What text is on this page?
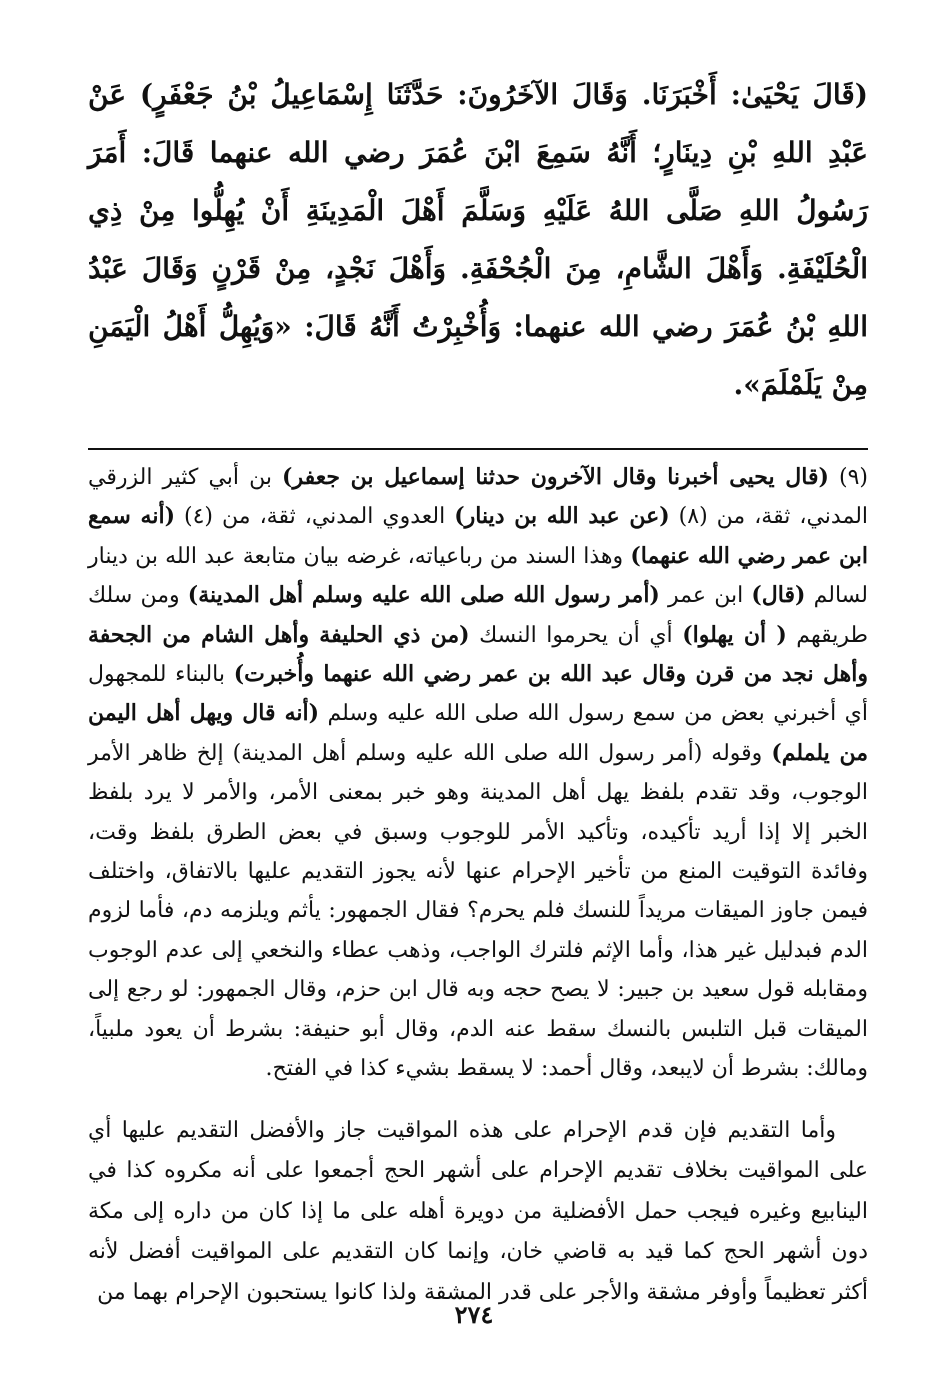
(قَالَ يَحْيَىٰ: أَخْبَرَنَا. وَقَالَ الآخَرُونَ: حَدَّثَنَا إِسْمَاعِيلُ بْنُ جَعْفَرٍ) عَنْ عَبْدِ اللهِ بْنِ دِينَارٍ؛ أَنَّهُ سَمِعَ ابْنَ عُمَرَ رضي الله عنهما قَالَ: أَمَرَ رَسُولُ اللهِ صَلَّى اللهُ عَلَيْهِ وَسَلَّمَ أَهْلَ الْمَدِينَةِ أَنْ يُهِلُّوا مِنْ ذِي الْحُلَيْفَةِ. وَأَهْلَ الشَّامِ، مِنَ الْجُحْفَةِ. وَأَهْلَ نَجْدٍ، مِنْ قَرْنٍ وَقَالَ عَبْدُ اللهِ بْنُ عُمَرَ رضي الله عنهما: وَأُخْبِرْتُ أَنَّهُ قَالَ: «وَيُهِلُّ أَهْلُ الْيَمَنِ مِنْ يَلَمْلَمَ».

(٩) (قال يحيى أخبرنا وقال الآخرون حدثنا إسماعيل بن جعفر) بن أبي كثير الزرقي المدني، ثقة، من (٨) (عن عبد الله بن دينار) العدوي المدني، ثقة، من (٤) (أنه سمع ابن عمر رضي الله عنهما) وهذا السند من رباعياته، غرضه بيان متابعة عبد الله بن دينار لسالم (قال) ابن عمر (أمر رسول الله صلى الله عليه وسلم أهل المدينة) ومن سلك طريقهم ( أن يهلوا) أي أن يحرموا النسك (من ذي الحليفة وأهل الشام من الجحفة وأهل نجد من قرن وقال عبد الله بن عمر رضي الله عنهما وأُخبرت) بالبناء للمجهول أي أخبرني بعض من سمع رسول الله صلى الله عليه وسلم (أنه قال ويهل أهل اليمن من يلملم) وقوله (أمر رسول الله صلى الله عليه وسلم أهل المدينة) إلخ ظاهر الأمر الوجوب، وقد تقدم بلفظ يهل أهل المدينة وهو خبر بمعنى الأمر، والأمر لا يرد بلفظ الخبر إلا إذا أريد تأكيده، وتأكيد الأمر للوجوب وسبق في بعض الطرق بلفظ وقت، وفائدة التوقيت المنع من تأخير الإحرام عنها لأنه يجوز التقديم عليها بالاتفاق، واختلف فيمن جاوز الميقات مريداً للنسك فلم يحرم؟ فقال الجمهور: يأثم ويلزمه دم، فأما لزوم الدم فبدليل غير هذا، وأما الإثم فلترك الواجب، وذهب عطاء والنخعي إلى عدم الوجوب ومقابله قول سعيد بن جبير: لا يصح حجه وبه قال ابن حزم، وقال الجمهور: لو رجع إلى الميقات قبل التلبس بالنسك سقط عنه الدم، وقال أبو حنيفة: بشرط أن يعود ملبياً، ومالك: بشرط أن لايبعد، وقال أحمد: لا يسقط بشيء كذا في الفتح.

وأما التقديم فإن قدم الإحرام على هذه المواقيت جاز والأفضل التقديم عليها أي على المواقيت بخلاف تقديم الإحرام على أشهر الحج أجمعوا على أنه مكروه كذا في الينابيع وغيره فيجب حمل الأفضلية من دويرة أهله على ما إذا كان من داره إلى مكة دون أشهر الحج كما قيد به قاضي خان، وإنما كان التقديم على المواقيت أفضل لأنه أكثر تعظيماً وأوفر مشقة والأجر على قدر المشقة ولذا كانوا يستحبون الإحرام بهما من

٢٧٤
